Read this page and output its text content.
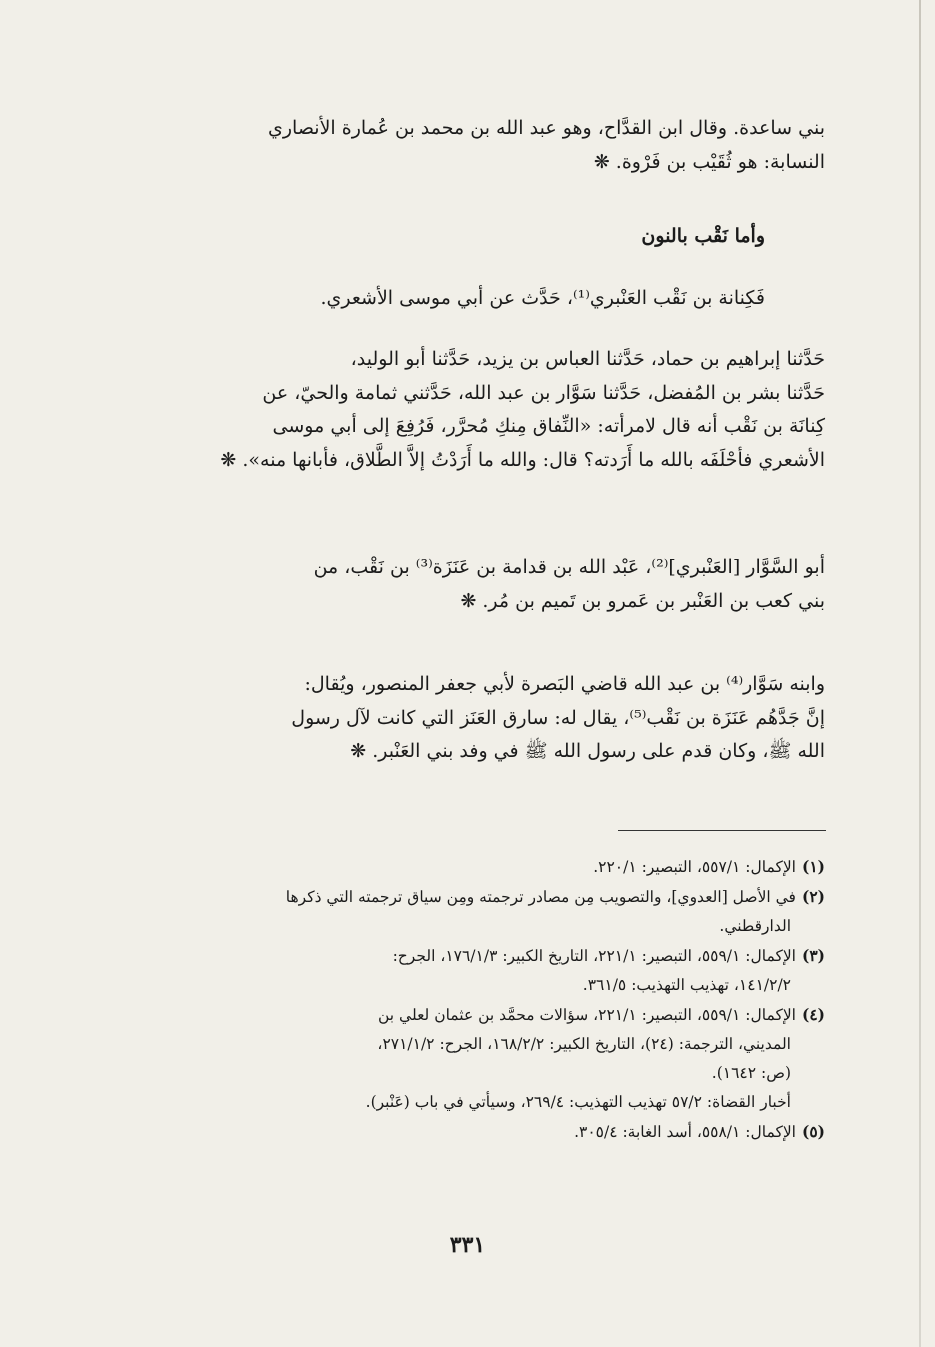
بني ساعدة. وقال ابن القدَّاح، وهو عبد الله بن محمد بن عُمارة الأنصاري

النسابة: هو ثُقَيْب بن فَرْوة. ❋

وأما نَقْب بالنون

فَكِنانة بن نَقْب العَنْبري⁽¹⁾، حَدَّث عن أبي موسى الأشعري.

حَدَّثنا إبراهيم بن حماد، حَدَّثنا العباس بن يزيد، حَدَّثنا أبو الوليد،

حَدَّثنا بشر بن المُفضل، حَدَّثنا سَوَّار بن عبد الله، حَدَّثني ثمامة والحيّ، عن

كِنانَة بن نَقْب أنه قال لامرأته: «النِّفاق مِنكِ مُحرَّر، فَرُفِعَ إلى أبي موسى

الأشعري فأحْلَفَه بالله ما أَرَدته؟ قال: والله ما أَرَدْتُ إلاَّ الطَّلاق، فأبانها منه». ❋

أبو السَّوَّار [العَنْبري]⁽²⁾، عَبْد الله بن قدامة بن عَنَزَة⁽³⁾ بن نَقْب، من

بني كعب بن العَنْبر بن عَمرو بن تَميم بن مُر. ❋

وابنه سَوَّار⁽⁴⁾ بن عبد الله قاضي البَصرة لأبي جعفر المنصور، ويُقال:

إنَّ جَدَّهُم عَنَزَة بن نَقْب⁽⁵⁾، يقال له: سارق العَنَز التي كانت لآل رسول

الله ﷺ، وكان قدم على رسول الله ﷺ في وفد بني العَنْبر. ❋

(١)الإكمال: ٥٥٧/١، التبصير: ٢٢٠/١.

(٢)في الأصل [العدوي]، والتصويب مِن مصادر ترجمته ومِن سياق ترجمته التي ذكرها

الدارقطني.

(٣)الإكمال: ٥٥٩/١، التبصير: ٢٢١/١، التاريخ الكبير: ١٧٦/١/٣، الجرح:

١٤١/٢/٢، تهذيب التهذيب: ٣٦١/٥.

(٤)الإكمال: ٥٥٩/١، التبصير: ٢٢١/١، سؤالات محمَّد بن عثمان لعلي بن

المديني، الترجمة: (٢٤)، التاريخ الكبير: ١٦٨/٢/٢، الجرح: ٢٧١/١/٢،

(ص: ١٦٤٢).

أخبار القضاة: ٥٧/٢ تهذيب التهذيب: ٢٦٩/٤، وسيأتي في باب (عَنْبر).

(٥)الإكمال: ٥٥٨/١، أسد الغابة: ٣٠٥/٤.

٣٣١
